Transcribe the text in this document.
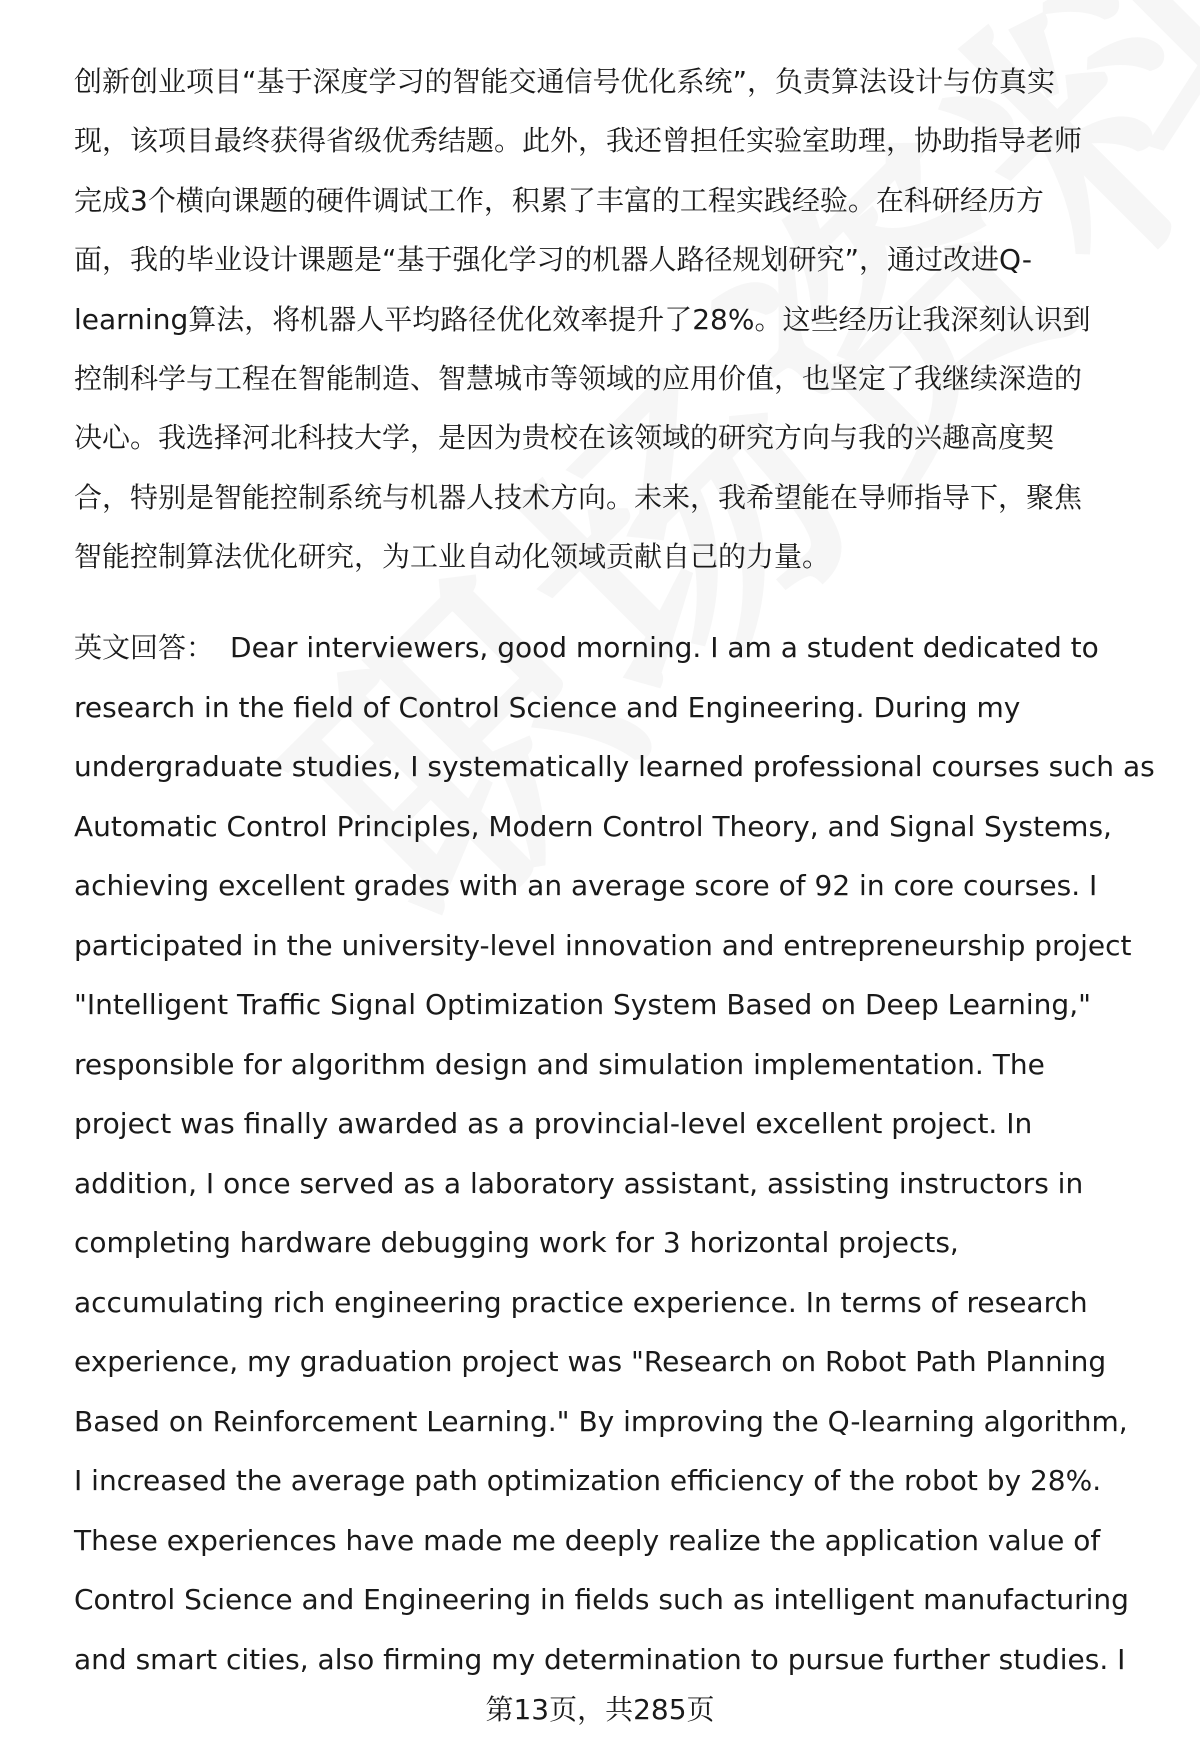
创新创业项目“基于深度学习的智能交通信号优化系统”，负责算法设计与仿真实
现，该项目最终获得省级优秀结题。此外，我还曾担任实验室助理，协助指导老师
完成3个横向课题的硬件调试工作，积累了丰富的工程实践经验。在科研经历方
面，我的毕业设计课题是“基于强化学习的机器人路径规划研究”，通过改进Q-
learning算法，将机器人平均路径优化效率提升了28%。这些经历让我深刻认识到
控制科学与工程在智能制造、智慧城市等领域的应用价值，也坚定了我继续深造的
决心。我选择河北科技大学，是因为贵校在该领域的研究方向与我的兴趣高度契
合，特别是智能控制系统与机器人技术方向。未来，我希望能在导师指导下，聚焦
智能控制算法优化研究，为工业自动化领域贡献自己的力量。
英文回答： Dear interviewers, good morning. I am a student dedicated to
research in the field of Control Science and Engineering. During my
undergraduate studies, I systematically learned professional courses such as
Automatic Control Principles, Modern Control Theory, and Signal Systems,
achieving excellent grades with an average score of 92 in core courses. I
participated in the university-level innovation and entrepreneurship project
"Intelligent Traffic Signal Optimization System Based on Deep Learning,"
responsible for algorithm design and simulation implementation. The
project was finally awarded as a provincial-level excellent project. In
addition, I once served as a laboratory assistant, assisting instructors in
completing hardware debugging work for 3 horizontal projects,
accumulating rich engineering practice experience. In terms of research
experience, my graduation project was "Research on Robot Path Planning
Based on Reinforcement Learning." By improving the Q-learning algorithm,
I increased the average path optimization efficiency of the robot by 28%.
These experiences have made me deeply realize the application value of
Control Science and Engineering in fields such as intelligent manufacturing
and smart cities, also firming my determination to pursue further studies. I
第13页，共285页
